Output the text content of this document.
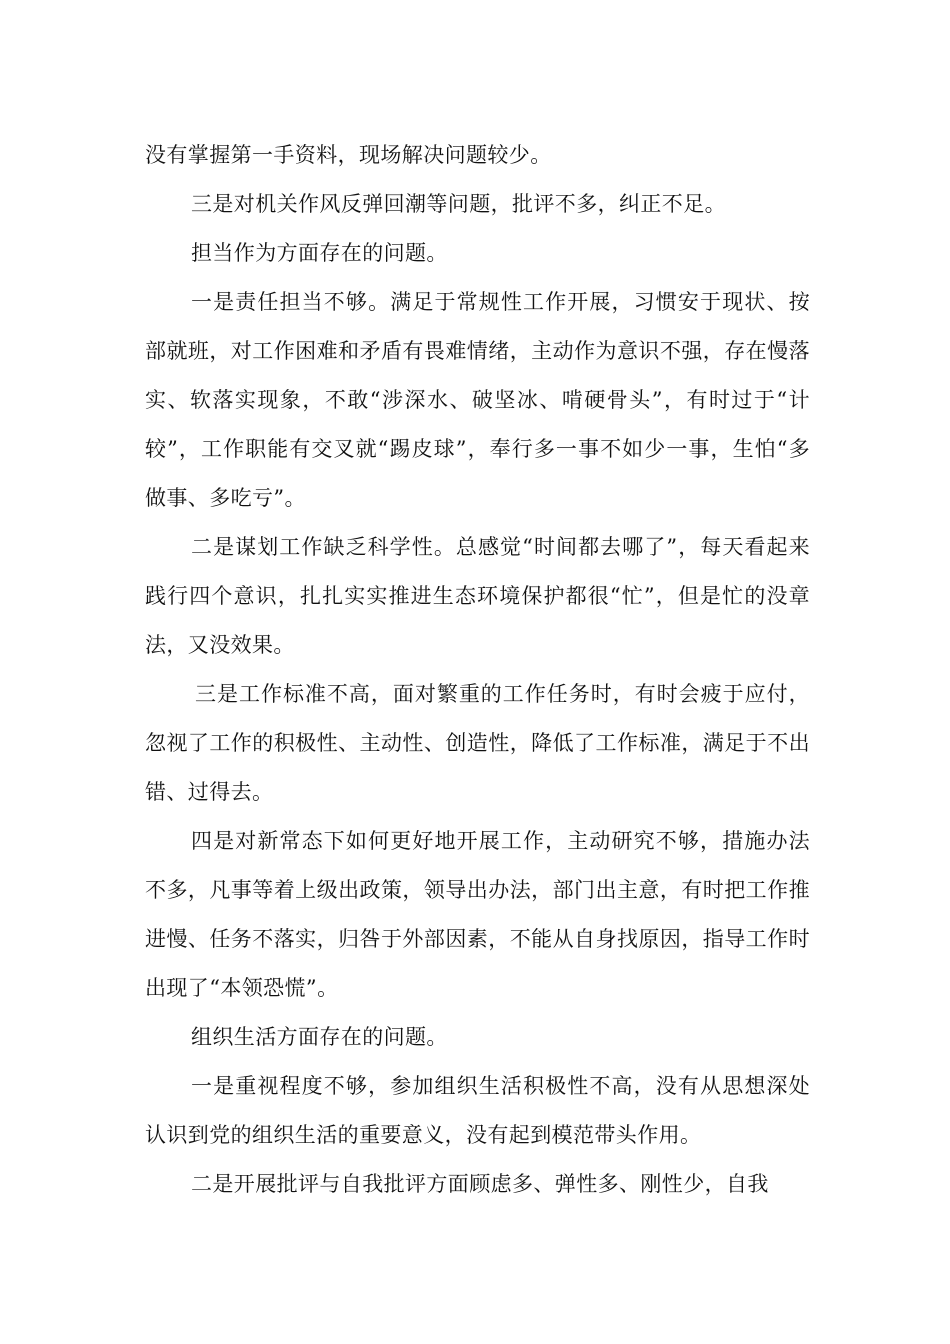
没有掌握第一手资料，现场解决问题较少。

三是对机关作风反弹回潮等问题，批评不多，纠正不足。

担当作为方面存在的问题。

一是责任担当不够。满足于常规性工作开展，习惯安于现状、按部就班，对工作困难和矛盾有畏难情绪，主动作为意识不强，存在慢落实、软落实现象，不敢“涉深水、破坚冰、啃硬骨头”，有时过于“计较”，工作职能有交叉就“踢皮球”，奉行多一事不如少一事，生怕“多做事、多吃亏”。

二是谋划工作缺乏科学性。总感觉“时间都去哪了”，每天看起来践行四个意识，扎扎实实推进生态环境保护都很“忙”，但是忙的没章法，又没效果。

三是工作标准不高，面对繁重的工作任务时，有时会疲于应付，忽视了工作的积极性、主动性、创造性，降低了工作标准，满足于不出错、过得去。

四是对新常态下如何更好地开展工作，主动研究不够，措施办法不多，凡事等着上级出政策，领导出办法，部门出主意，有时把工作推进慢、任务不落实，归咎于外部因素，不能从自身找原因，指导工作时出现了“本领恐慌”。

组织生活方面存在的问题。

一是重视程度不够，参加组织生活积极性不高，没有从思想深处认识到党的组织生活的重要意义，没有起到模范带头作用。

二是开展批评与自我批评方面顾虑多、弹性多、刚性少，自我
